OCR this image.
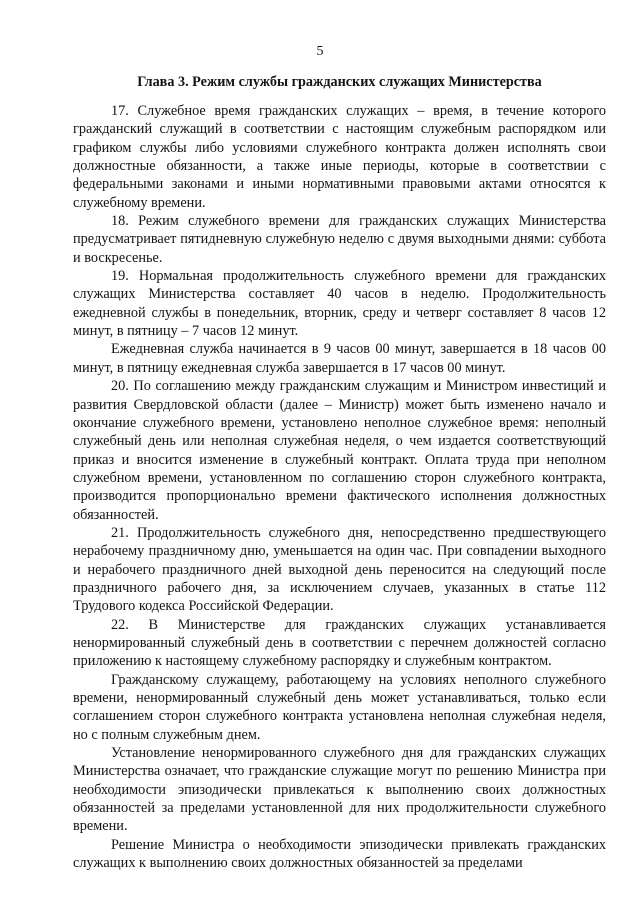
5
Глава 3. Режим службы гражданских служащих Министерства

17. Служебное время гражданских служащих – время, в течение которого гражданский служащий в соответствии с настоящим служебным распорядком или графиком службы либо условиями служебного контракта должен исполнять свои должностные обязанности, а также иные периоды, которые в соответствии с федеральными законами и иными нормативными правовыми актами относятся к служебному времени.

18. Режим служебного времени для гражданских служащих Министерства предусматривает пятидневную служебную неделю с двумя выходными днями: суббота и воскресенье.

19. Нормальная продолжительность служебного времени для гражданских служащих Министерства составляет 40 часов в неделю. Продолжительность ежедневной службы в понедельник, вторник, среду и четверг составляет 8 часов 12 минут, в пятницу – 7 часов 12 минут.

Ежедневная служба начинается в 9 часов 00 минут, завершается в 18 часов 00 минут, в пятницу ежедневная служба завершается в 17 часов 00 минут.

20. По соглашению между гражданским служащим и Министром инвестиций и развития Свердловской области (далее – Министр) может быть изменено начало и окончание служебного времени, установлено неполное служебное время: неполный служебный день или неполная служебная неделя, о чем издается соответствующий приказ и вносится изменение в служебный контракт. Оплата труда при неполном служебном времени, установленном по соглашению сторон служебного контракта, производится пропорционально времени фактического исполнения должностных обязанностей.

21. Продолжительность служебного дня, непосредственно предшествующего нерабочему праздничному дню, уменьшается на один час. При совпадении выходного и нерабочего праздничного дней выходной день переносится на следующий после праздничного рабочего дня, за исключением случаев, указанных в статье 112 Трудового кодекса Российской Федерации.

22. В Министерстве для гражданских служащих устанавливается ненормированный служебный день в соответствии с перечнем должностей согласно приложению к настоящему служебному распорядку и служебным контрактом.

Гражданскому служащему, работающему на условиях неполного служебного времени, ненормированный служебный день может устанавливаться, только если соглашением сторон служебного контракта установлена неполная служебная неделя, но с полным служебным днем.

Установление ненормированного служебного дня для гражданских служащих Министерства означает, что гражданские служащие могут по решению Министра при необходимости эпизодически привлекаться к выполнению своих должностных обязанностей за пределами установленной для них продолжительности служебного времени.

Решение Министра о необходимости эпизодически привлекать гражданских служащих к выполнению своих должностных обязанностей за пределами
